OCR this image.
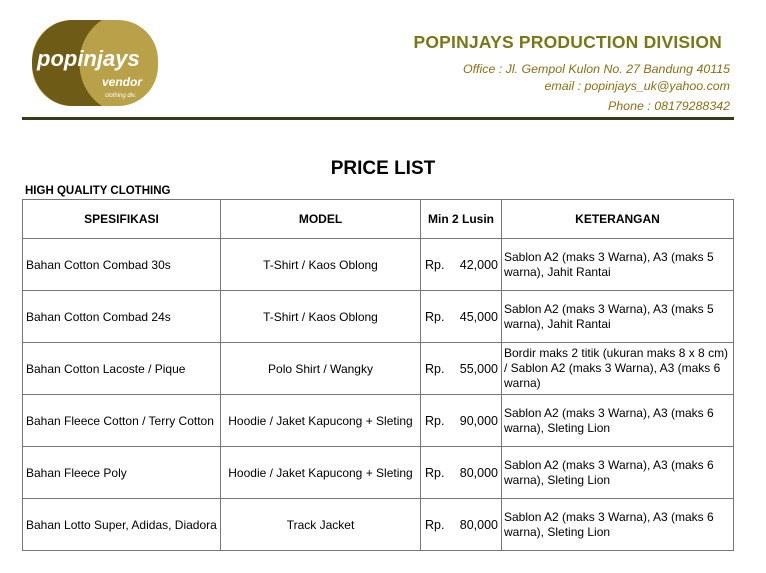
popinjays
vendor
clothing div.
POPINJAYS PRODUCTION DIVISION
Office : Jl. Gempol Kulon No. 27 Bandung 40115
email : popinjays_uk@yahoo.com
Phone : 08179288342
PRICE LIST
HIGH QUALITY CLOTHING
SPESIFIKASI	MODEL	Min 2 Lusin	KETERANGAN
Bahan Cotton Combad 30s	T-Shirt / Kaos Oblong	Rp. 42,000	Sablon A2 (maks 3 Warna), A3 (maks 5 warna), Jahit Rantai
Bahan Cotton Combad 24s	T-Shirt / Kaos Oblong	Rp. 45,000	Sablon A2 (maks 3 Warna), A3 (maks 5 warna), Jahit Rantai
Bahan Cotton Lacoste / Pique	Polo Shirt / Wangky	Rp. 55,000	Bordir maks 2 titik (ukuran maks 8 x 8 cm) / Sablon A2 (maks 3 Warna), A3 (maks 6 warna)
Bahan Fleece Cotton / Terry Cotton	Hoodie / Jaket Kapucong + Sleting	Rp. 90,000	Sablon A2 (maks 3 Warna), A3 (maks 6 warna), Sleting Lion
Bahan Fleece Poly	Hoodie / Jaket Kapucong + Sleting	Rp. 80,000	Sablon A2 (maks 3 Warna), A3 (maks 6 warna), Sleting Lion
Bahan Lotto Super, Adidas, Diadora	Track Jacket	Rp. 80,000	Sablon A2 (maks 3 Warna), A3 (maks 6 warna), Sleting Lion
